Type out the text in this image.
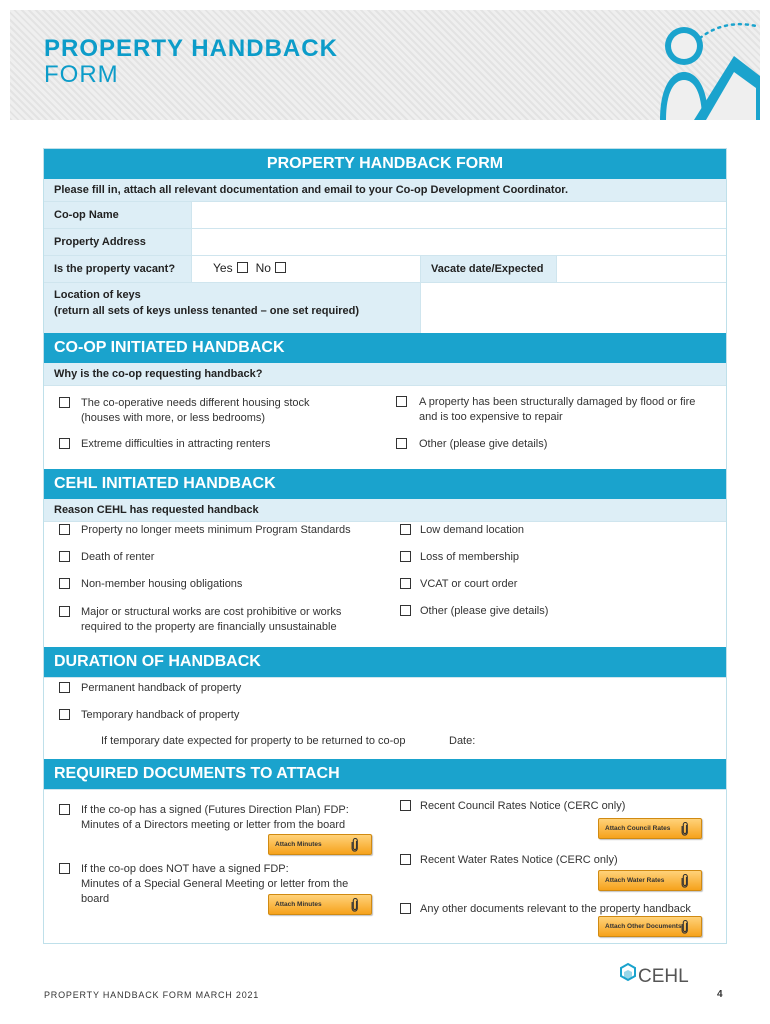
PROPERTY HANDBACK
FORM
PROPERTY HANDBACK FORM
Please fill in, attach all relevant documentation and email to your Co-op Development Coordinator.
Co-op Name
Property Address
Is the property vacant?	Yes No	Vacate date/Expected
Location of keys
(return all sets of keys unless tenanted – one set required)
CO-OP INITIATED HANDBACK
Why is the co-op requesting handback?
The co-operative needs different housing stock
(houses with more, or less bedrooms)
A property has been structurally damaged by flood or fire
and is too expensive to repair
Extreme difficulties in attracting renters	Other (please give details)
CEHL INITIATED HANDBACK
Reason CEHL has requested handback
Property no longer meets minimum Program Standards	Low demand location
Death of renter	Loss of membership
Non-member housing obligations	VCAT or court order
Major or structural works are cost prohibitive or works
required to the property are financially unsustainable
Other (please give details)
DURATION OF HANDBACK
Permanent handback of property
Temporary handback of property
If temporary date expected for property to be returned to co-op	Date:
REQUIRED DOCUMENTS TO ATTACH
If the co-op has a signed (Futures Direction Plan) FDP:
Minutes of a Directors meeting or letter from the board
Attach Minutes
If the co-op does NOT have a signed FDP:
Minutes of a Special General Meeting or letter from the
board	Attach Minutes
Recent Council Rates Notice (CERC only)
Attach Council Rates
Recent Water Rates Notice (CERC only)
Attach Water Rates
Any other documents relevant to the property handback
Attach Other Documents
PROPERTY HANDBACK FORM MARCH 2021
CEHL
4
